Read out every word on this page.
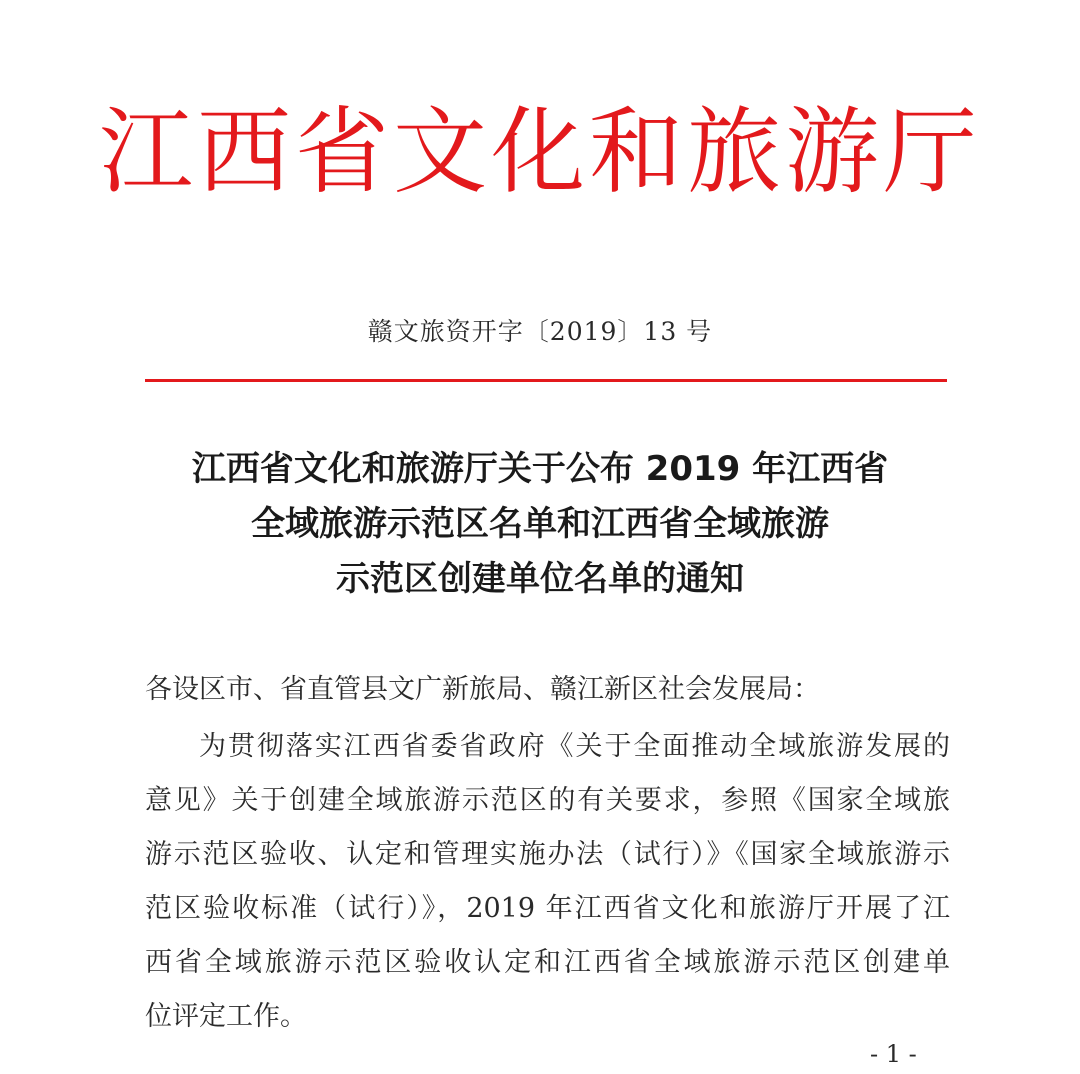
江西省文化和旅游厅
赣文旅资开字〔2019〕13 号
江西省文化和旅游厅关于公布 2019 年江西省
全域旅游示范区名单和江西省全域旅游
示范区创建单位名单的通知
各设区市、省直管县文广新旅局、赣江新区社会发展局：
为贯彻落实江西省委省政府《关于全面推动全域旅游发展的
意见》关于创建全域旅游示范区的有关要求，参照《国家全域旅
游示范区验收、认定和管理实施办法（试行）》《国家全域旅游示
范区验收标准（试行）》，2019 年江西省文化和旅游厅开展了江
西省全域旅游示范区验收认定和江西省全域旅游示范区创建单
位评定工作。
- 1 -
